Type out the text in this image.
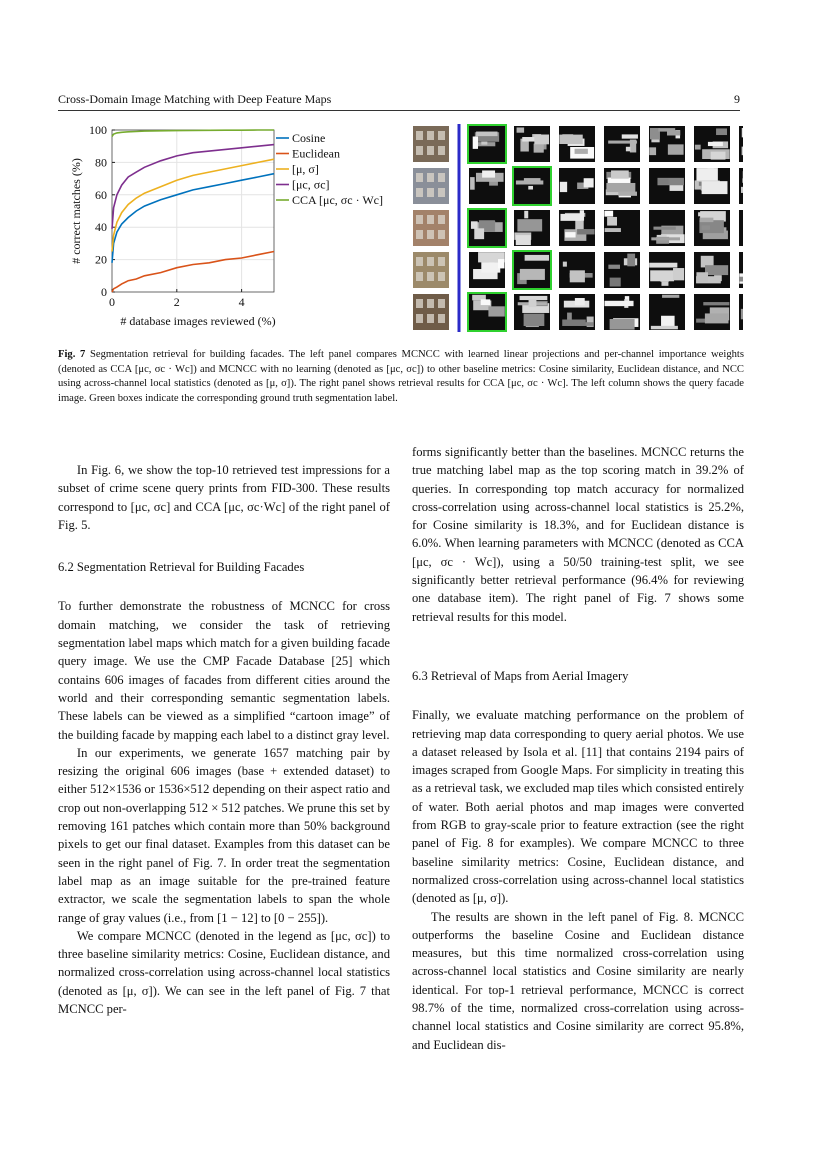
Cross-Domain Image Matching with Deep Feature Maps	9
0
20
40
60
80
100
0	2	4
# database images reviewed (%)
# correct matches (%)
Cosine
Euclidean
[μ, σ]
[μc, σc]
CCA [μc, σc · Wc]
Fig. 7 Segmentation retrieval for building facades. The left panel compares MCNCC with learned linear projections and per-channel importance weights (denoted as CCA [μc, σc · Wc]) and MCNCC with no learning (denoted as [μc, σc]) to other baseline metrics: Cosine similarity, Euclidean distance, and NCC using across-channel local statistics (denoted as [μ, σ]). The right panel shows retrieval results for CCA [μc, σc · Wc]. The left column shows the query facade image. Green boxes indicate the corresponding ground truth segmentation label.

In Fig. 6, we show the top-10 retrieved test impressions for a subset of crime scene query prints from FID-300. These results correspond to [μc, σc] and CCA [μc, σc·Wc] of the right panel of Fig. 5.

6.2 Segmentation Retrieval for Building Facades

To further demonstrate the robustness of MCNCC for cross domain matching, we consider the task of retrieving segmentation label maps which match for a given building facade query image. We use the CMP Facade Database [25] which contains 606 images of facades from different cities around the world and their corresponding semantic segmentation labels. These labels can be viewed as a simplified “cartoon image” of the building facade by mapping each label to a distinct gray level.

In our experiments, we generate 1657 matching pair by resizing the original 606 images (base + extended dataset) to either 512×1536 or 1536×512 depending on their aspect ratio and crop out non-overlapping 512 × 512 patches. We prune this set by removing 161 patches which contain more than 50% background pixels to get our final dataset. Examples from this dataset can be seen in the right panel of Fig. 7. In order treat the segmentation label map as an image suitable for the pre-trained feature extractor, we scale the segmentation labels to span the whole range of gray values (i.e., from [1 − 12] to [0 − 255]).

We compare MCNCC (denoted in the legend as [μc, σc]) to three baseline similarity metrics: Cosine, Euclidean distance, and normalized cross-correlation using across-channel local statistics (denoted as [μ, σ]). We can see in the left panel of Fig. 7 that MCNCC per-

forms significantly better than the baselines. MCNCC returns the true matching label map as the top scoring match in 39.2% of queries. In corresponding top match accuracy for normalized cross-correlation using across-channel local statistics is 25.2%, for Cosine similarity is 18.3%, and for Euclidean distance is 6.0%. When learning parameters with MCNCC (denoted as CCA [μc, σc · Wc]), using a 50/50 training-test split, we see significantly better retrieval performance (96.4% for reviewing one database item). The right panel of Fig. 7 shows some retrieval results for this model.

6.3 Retrieval of Maps from Aerial Imagery

Finally, we evaluate matching performance on the problem of retrieving map data corresponding to query aerial photos. We use a dataset released by Isola et al. [11] that contains 2194 pairs of images scraped from Google Maps. For simplicity in treating this as a retrieval task, we excluded map tiles which consisted entirely of water. Both aerial photos and map images were converted from RGB to gray-scale prior to feature extraction (see the right panel of Fig. 8 for examples). We compare MCNCC to three baseline similarity metrics: Cosine, Euclidean distance, and normalized cross-correlation using across-channel local statistics (denoted as [μ, σ]).

The results are shown in the left panel of Fig. 8. MCNCC outperforms the baseline Cosine and Euclidean distance measures, but this time normalized cross-correlation using across-channel local statistics and Cosine similarity are nearly identical. For top-1 retrieval performance, MCNCC is correct 98.7% of the time, normalized cross-correlation using across-channel local statistics and Cosine similarity are correct 95.8%, and Euclidean dis-
